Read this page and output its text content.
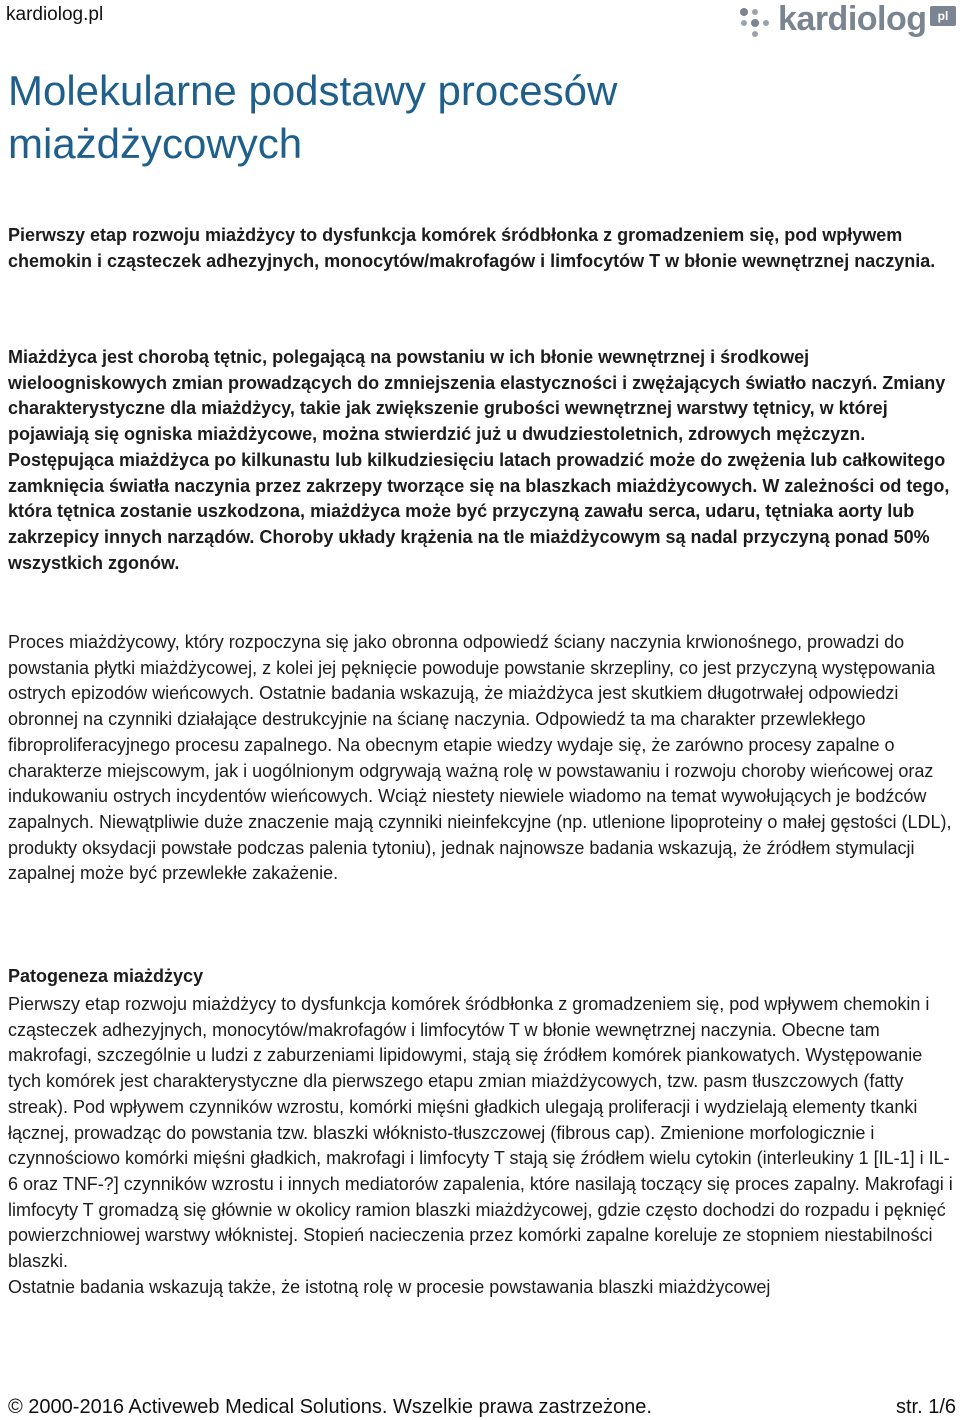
kardiolog.pl	kardiolog pl
Molekularne podstawy procesów miażdżycowych

Pierwszy etap rozwoju miażdżycy to dysfunkcja komórek śródbłonka z gromadzeniem się, pod wpływem chemokin i cząsteczek adhezyjnych, monocytów/makrofagów i limfocytów T w błonie wewnętrznej naczynia.

Miażdżyca jest chorobą tętnic, polegającą na powstaniu w ich błonie wewnętrznej i środkowej wieloogniskowych zmian prowadzących do zmniejszenia elastyczności i zwężających światło naczyń. Zmiany charakterystyczne dla miażdżycy, takie jak zwiększenie grubości wewnętrznej warstwy tętnicy, w której pojawiają się ogniska miażdżycowe, można stwierdzić już u dwudziestoletnich, zdrowych mężczyzn. Postępująca miażdżyca po kilkunastu lub kilkudziesięciu latach prowadzić może do zwężenia lub całkowitego zamknięcia światła naczynia przez zakrzepy tworzące się na blaszkach miażdżycowych. W zależności od tego, która tętnica zostanie uszkodzona, miażdżyca może być przyczyną zawału serca, udaru, tętniaka aorty lub zakrzepicy innych narządów. Choroby układy krążenia na tle miażdżycowym są nadal przyczyną ponad 50% wszystkich zgonów.

Proces miażdżycowy, który rozpoczyna się jako obronna odpowiedź ściany naczynia krwionośnego, prowadzi do powstania płytki miażdżycowej, z kolei jej pęknięcie powoduje powstanie skrzepliny, co jest przyczyną występowania ostrych epizodów wieńcowych. Ostatnie badania wskazują, że miażdżyca jest skutkiem długotrwałej odpowiedzi obronnej na czynniki działające destrukcyjnie na ścianę naczynia. Odpowiedź ta ma charakter przewlekłego fibroproliferacyjnego procesu zapalnego. Na obecnym etapie wiedzy wydaje się, że zarówno procesy zapalne o charakterze miejscowym, jak i uogólnionym odgrywają ważną rolę w powstawaniu i rozwoju choroby wieńcowej oraz indukowaniu ostrych incydentów wieńcowych. Wciąż niestety niewiele wiadomo na temat wywołujących je bodźców zapalnych. Niewątpliwie duże znaczenie mają czynniki nieinfekcyjne (np. utlenione lipoproteiny o małej gęstości (LDL), produkty oksydacji powstałe podczas palenia tytoniu), jednak najnowsze badania wskazują, że źródłem stymulacji zapalnej może być przewlekłe zakażenie.

Patogeneza miażdżycy
Pierwszy etap rozwoju miażdżycy to dysfunkcja komórek śródbłonka z gromadzeniem się, pod wpływem chemokin i cząsteczek adhezyjnych, monocytów/makrofagów i limfocytów T w błonie wewnętrznej naczynia. Obecne tam makrofagi, szczególnie u ludzi z zaburzeniami lipidowymi, stają się źródłem komórek piankowatych. Występowanie tych komórek jest charakterystyczne dla pierwszego etapu zmian miażdżycowych, tzw. pasm tłuszczowych (fatty streak). Pod wpływem czynników wzrostu, komórki mięśni gładkich ulegają proliferacji i wydzielają elementy tkanki łącznej, prowadząc do powstania tzw. blaszki włóknisto-tłuszczowej (fibrous cap). Zmienione morfologicznie i czynnościowo komórki mięśni gładkich, makrofagi i limfocyty T stają się źródłem wielu cytokin (interleukiny 1 [IL-1] i IL-6 oraz TNF-?] czynników wzrostu i innych mediatorów zapalenia, które nasilają toczący się proces zapalny. Makrofagi i limfocyty T gromadzą się głównie w okolicy ramion blaszki miażdżycowej, gdzie często dochodzi do rozpadu i pęknięć powierzchniowej warstwy włóknistej. Stopień nacieczenia przez komórki zapalne koreluje ze stopniem niestabilności blaszki.
Ostatnie badania wskazują także, że istotną rolę w procesie powstawania blaszki miażdżycowej
© 2000-2016 Activeweb Medical Solutions. Wszelkie prawa zastrzeżone.	str. 1/6
